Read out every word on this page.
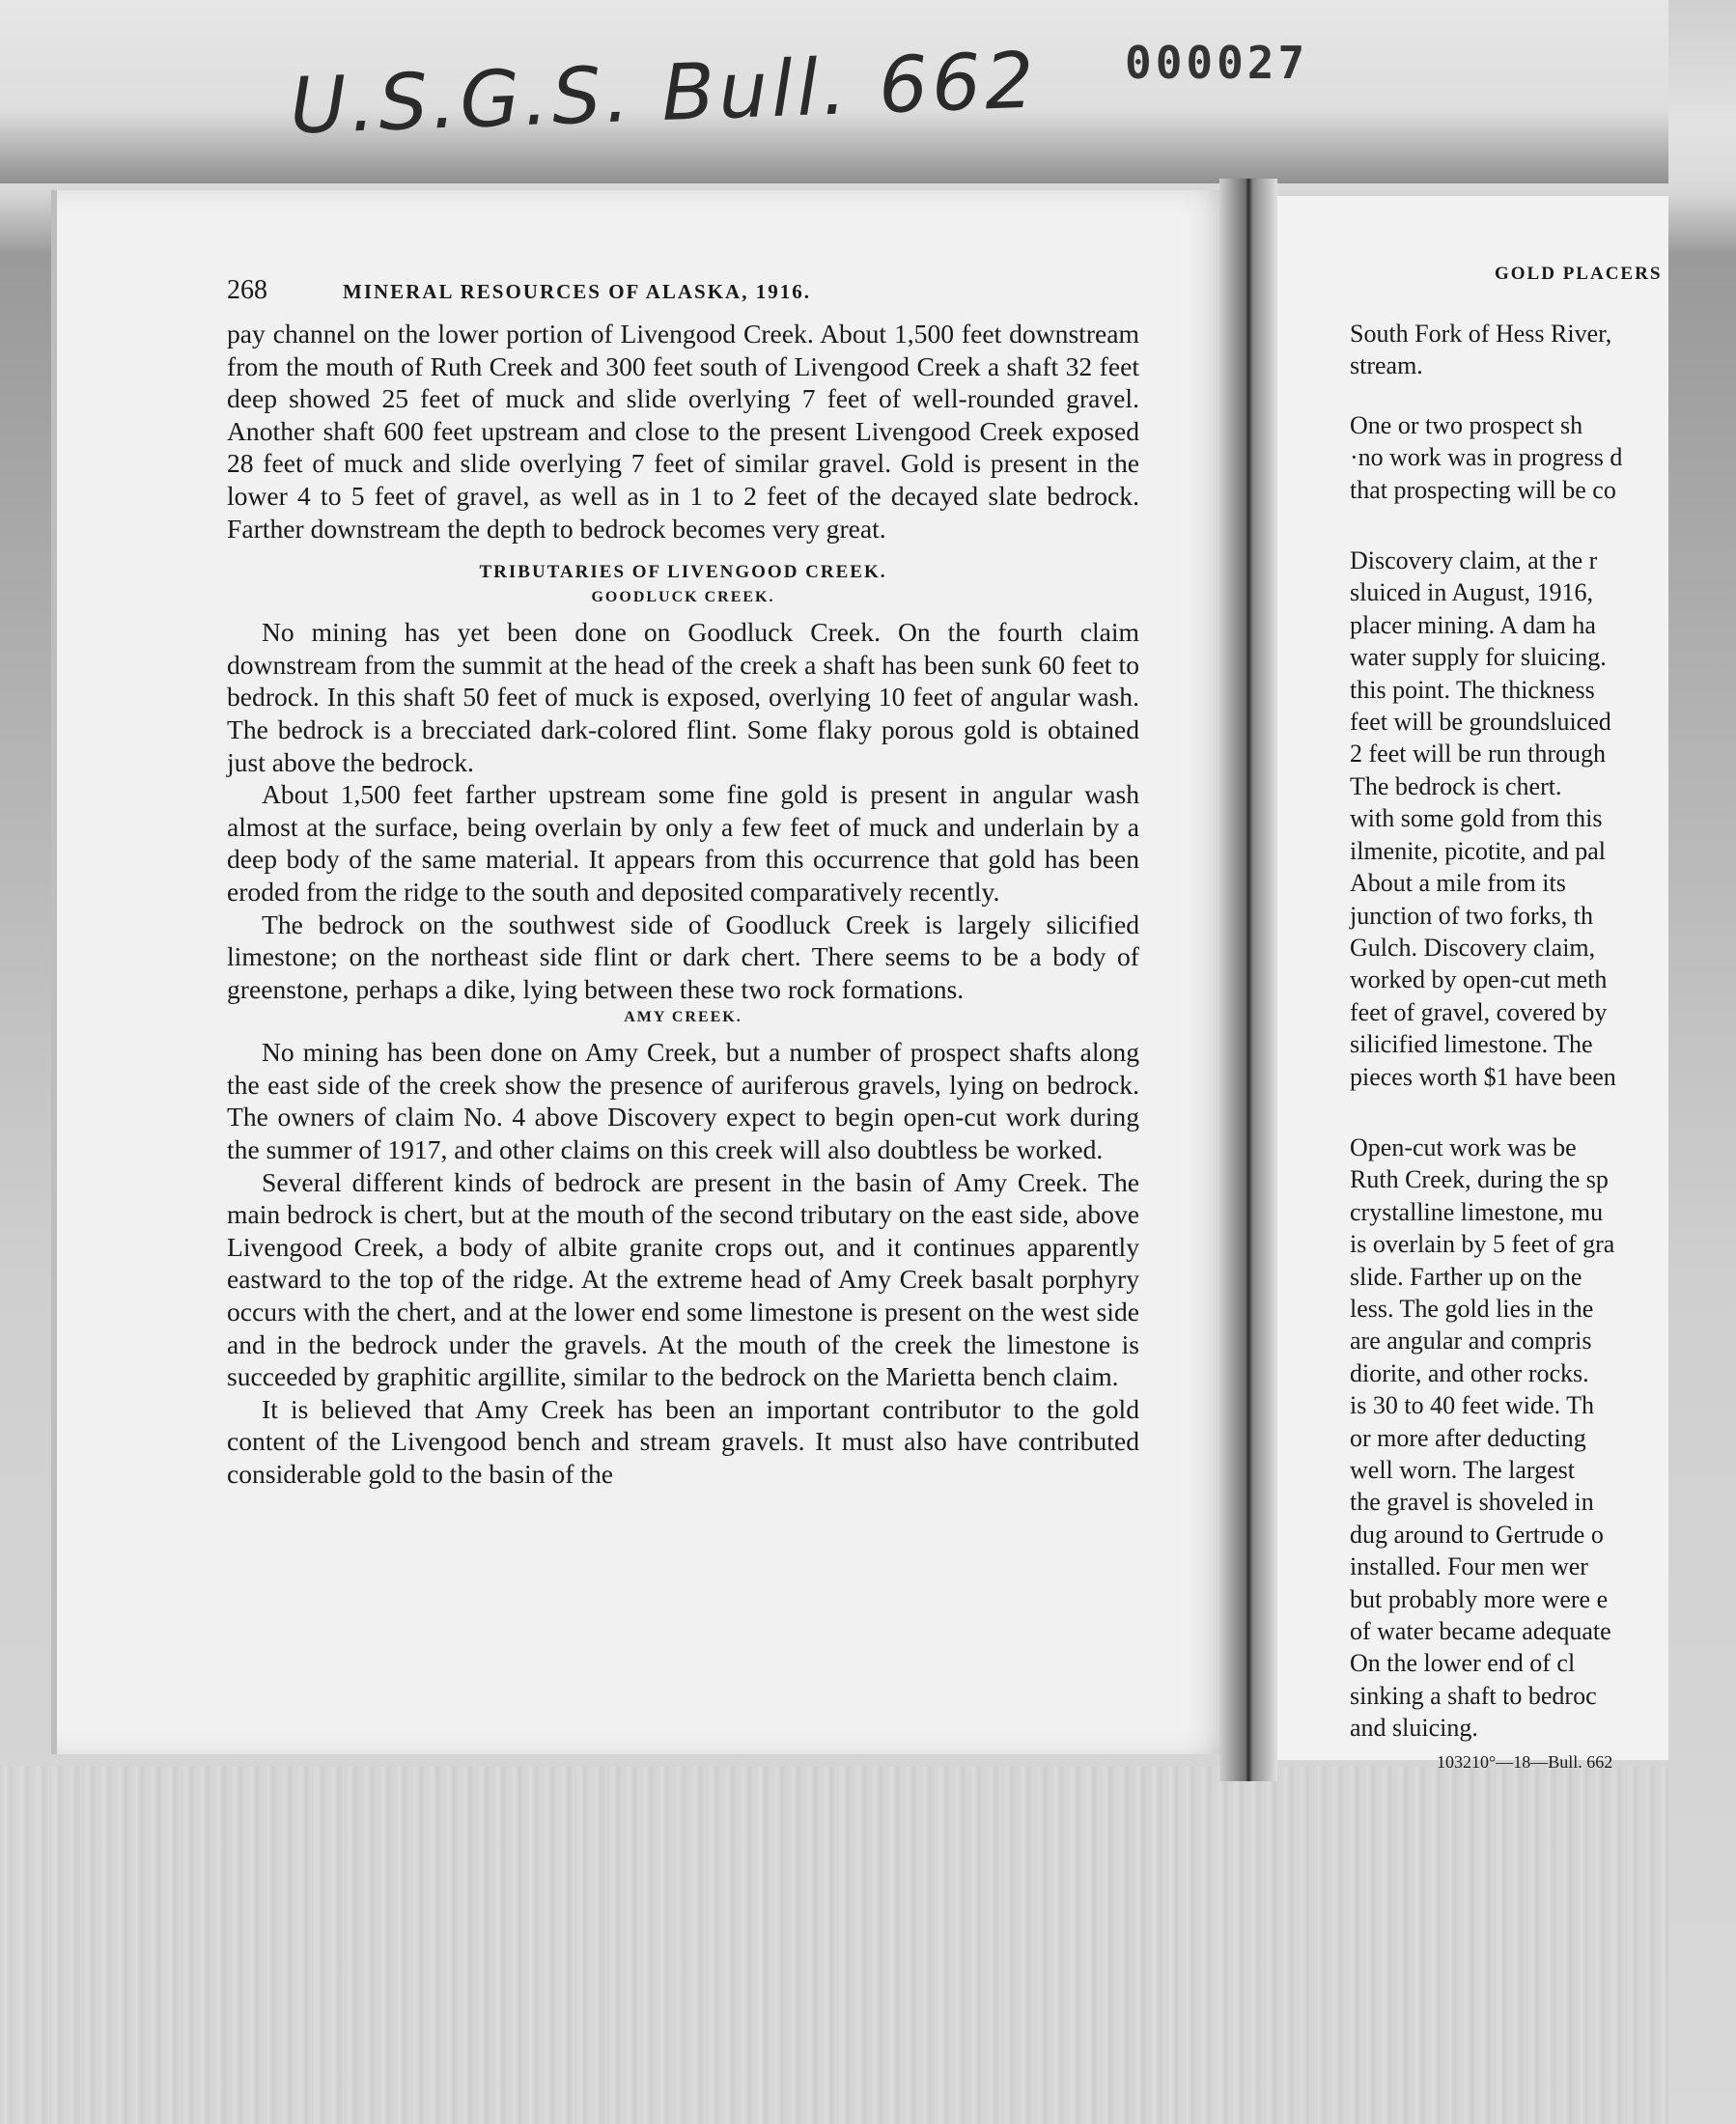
U.S.G.S. Bull. 662 000027
GOLD PLACERS
South Fork of Hess River,
stream.
One or two prospect sh
·no work was in progress d
that prospecting will be co
Discovery claim, at the r
sluiced in August, 1916,
placer mining. A dam ha
water supply for sluicing.
this point. The thickness
feet will be groundsluiced
2 feet will be run through
The bedrock is chert.
with some gold from this
ilmenite, picotite, and pal
About a mile from its
junction of two forks, th
Gulch. Discovery claim,
worked by open-cut meth
feet of gravel, covered by
silicified limestone. The
pieces worth $1 have been
Open-cut work was be
Ruth Creek, during the sp
crystalline limestone, mu
is overlain by 5 feet of gra
slide. Farther up on the
less. The gold lies in the
are angular and compris
diorite, and other rocks.
is 30 to 40 feet wide. Th
or more after deducting
well worn. The largest
the gravel is shoveled in
dug around to Gertrude o
installed. Four men wer
but probably more were e
of water became adequate
On the lower end of cl
sinking a shaft to bedroc
and sluicing.
103210°—18—Bull. 662
268	MINERAL RESOURCES OF ALASKA, 1916.

pay channel on the lower portion of Livengood Creek. About 1,500 feet downstream from the mouth of Ruth Creek and 300 feet south of Livengood Creek a shaft 32 feet deep showed 25 feet of muck and slide overlying 7 feet of well-rounded gravel. Another shaft 600 feet upstream and close to the present Livengood Creek exposed 28 feet of muck and slide overlying 7 feet of similar gravel. Gold is present in the lower 4 to 5 feet of gravel, as well as in 1 to 2 feet of the decayed slate bedrock. Farther downstream the depth to bedrock becomes very great.

TRIBUTARIES OF LIVENGOOD CREEK.
GOODLUCK CREEK.

No mining has yet been done on Goodluck Creek. On the fourth claim downstream from the summit at the head of the creek a shaft has been sunk 60 feet to bedrock. In this shaft 50 feet of muck is exposed, overlying 10 feet of angular wash. The bedrock is a brecciated dark-colored flint. Some flaky porous gold is obtained just above the bedrock.

About 1,500 feet farther upstream some fine gold is present in angular wash almost at the surface, being overlain by only a few feet of muck and underlain by a deep body of the same material. It appears from this occurrence that gold has been eroded from the ridge to the south and deposited comparatively recently.

The bedrock on the southwest side of Goodluck Creek is largely silicified limestone; on the northeast side flint or dark chert. There seems to be a body of greenstone, perhaps a dike, lying between these two rock formations.

AMY CREEK.

No mining has been done on Amy Creek, but a number of prospect shafts along the east side of the creek show the presence of auriferous gravels, lying on bedrock. The owners of claim No. 4 above Discovery expect to begin open-cut work during the summer of 1917, and other claims on this creek will also doubtless be worked.

Several different kinds of bedrock are present in the basin of Amy Creek. The main bedrock is chert, but at the mouth of the second tributary on the east side, above Livengood Creek, a body of albite granite crops out, and it continues apparently eastward to the top of the ridge. At the extreme head of Amy Creek basalt porphyry occurs with the chert, and at the lower end some limestone is present on the west side and in the bedrock under the gravels. At the mouth of the creek the limestone is succeeded by graphitic argillite, similar to the bedrock on the Marietta bench claim.

It is believed that Amy Creek has been an important contributor to the gold content of the Livengood bench and stream gravels. It must also have contributed considerable gold to the basin of the
